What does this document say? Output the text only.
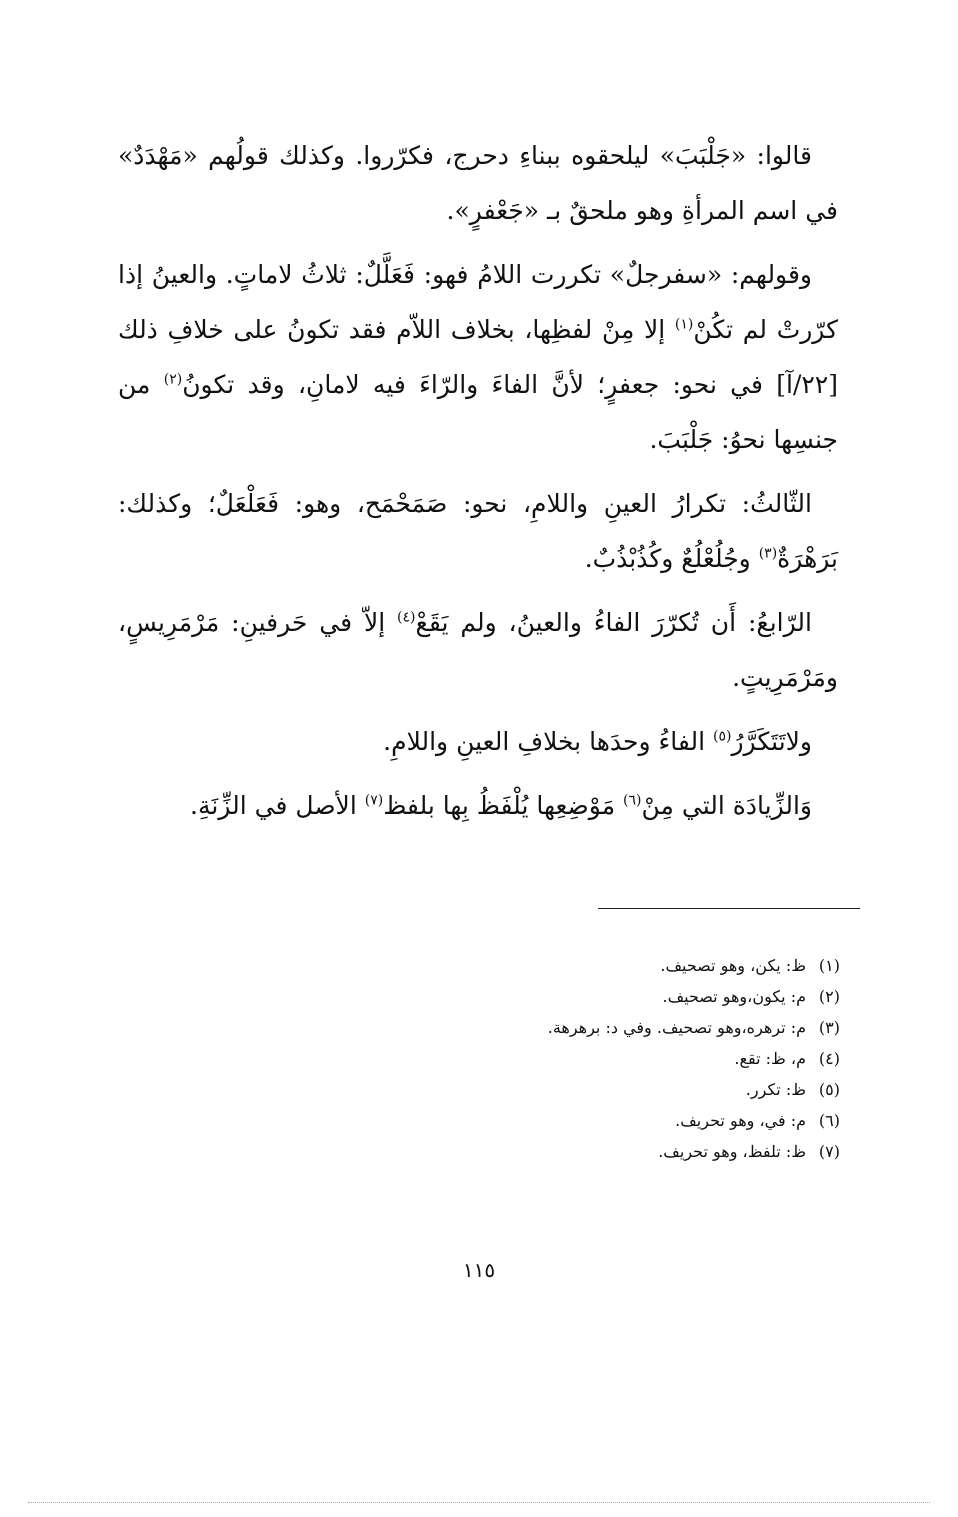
قالوا: «جَلْبَبَ» ليلحقوه ببناءِ دحرج، فكرّروا. وكذلك قولُهم «مَهْدَدٌ» في اسم المرأةِ وهو ملحقٌ بـ «جَعْفرٍ».

وقولهم: «سفرجلٌ» تكررت اللامُ فهو: فَعَلَّلٌ: ثلاثُ لاماتٍ. والعينُ إذا كرّرتْ لم تكُنْ$^{(١)}$ إلا مِنْ لفظِها، بخلاف اللاّم فقد تكونُ على خلافِ ذلك [٢٢/آ] في نحو: جعفرٍ؛ لأنَّ الفاءَ والرّاءَ فيه لامانِ، وقد تكونُ$^{(٢)}$ من جنسِها نحوُ: جَلْبَبَ.

الثّالثُ: تكرارُ العينِ واللامِ، نحو: صَمَحْمَح، وهو: فَعَلْعَلٌ؛ وكذلك: بَرَهْرَةٌ$^{(٣)}$ وجُلُعْلُعٌ وكُذُبْذُبٌ.

الرّابعُ: أَن تُكرّرَ الفاءُ والعينُ، ولم يَقَعْ$^{(٤)}$ إلاّ في حَرفينِ: مَرْمَرِيسٍ، ومَرْمَرِيتٍ.

ولاتَتَكَرَّرُ$^{(٥)}$ الفاءُ وحدَها بخلافِ العينِ واللامِ.

وَالزِّيادَة التي مِنْ$^{(٦)}$ مَوْضِعِها يُلْفَظُ بِها بلفظ$^{(٧)}$ الأصل في الزِّنَةِ.

(١)
ظ: يكن، وهو تصحيف.
(٢)
م: يكون،وهو تصحيف.
(٣)
م: ترهره،وهو تصحيف. وفي د: برهرهة.
(٤)
م، ظ: تقع.
(٥)
ظ: تكرر.
(٦)
م: في، وهو تحريف.
(٧)
ظ: تلفظ، وهو تحريف.
١١٥
